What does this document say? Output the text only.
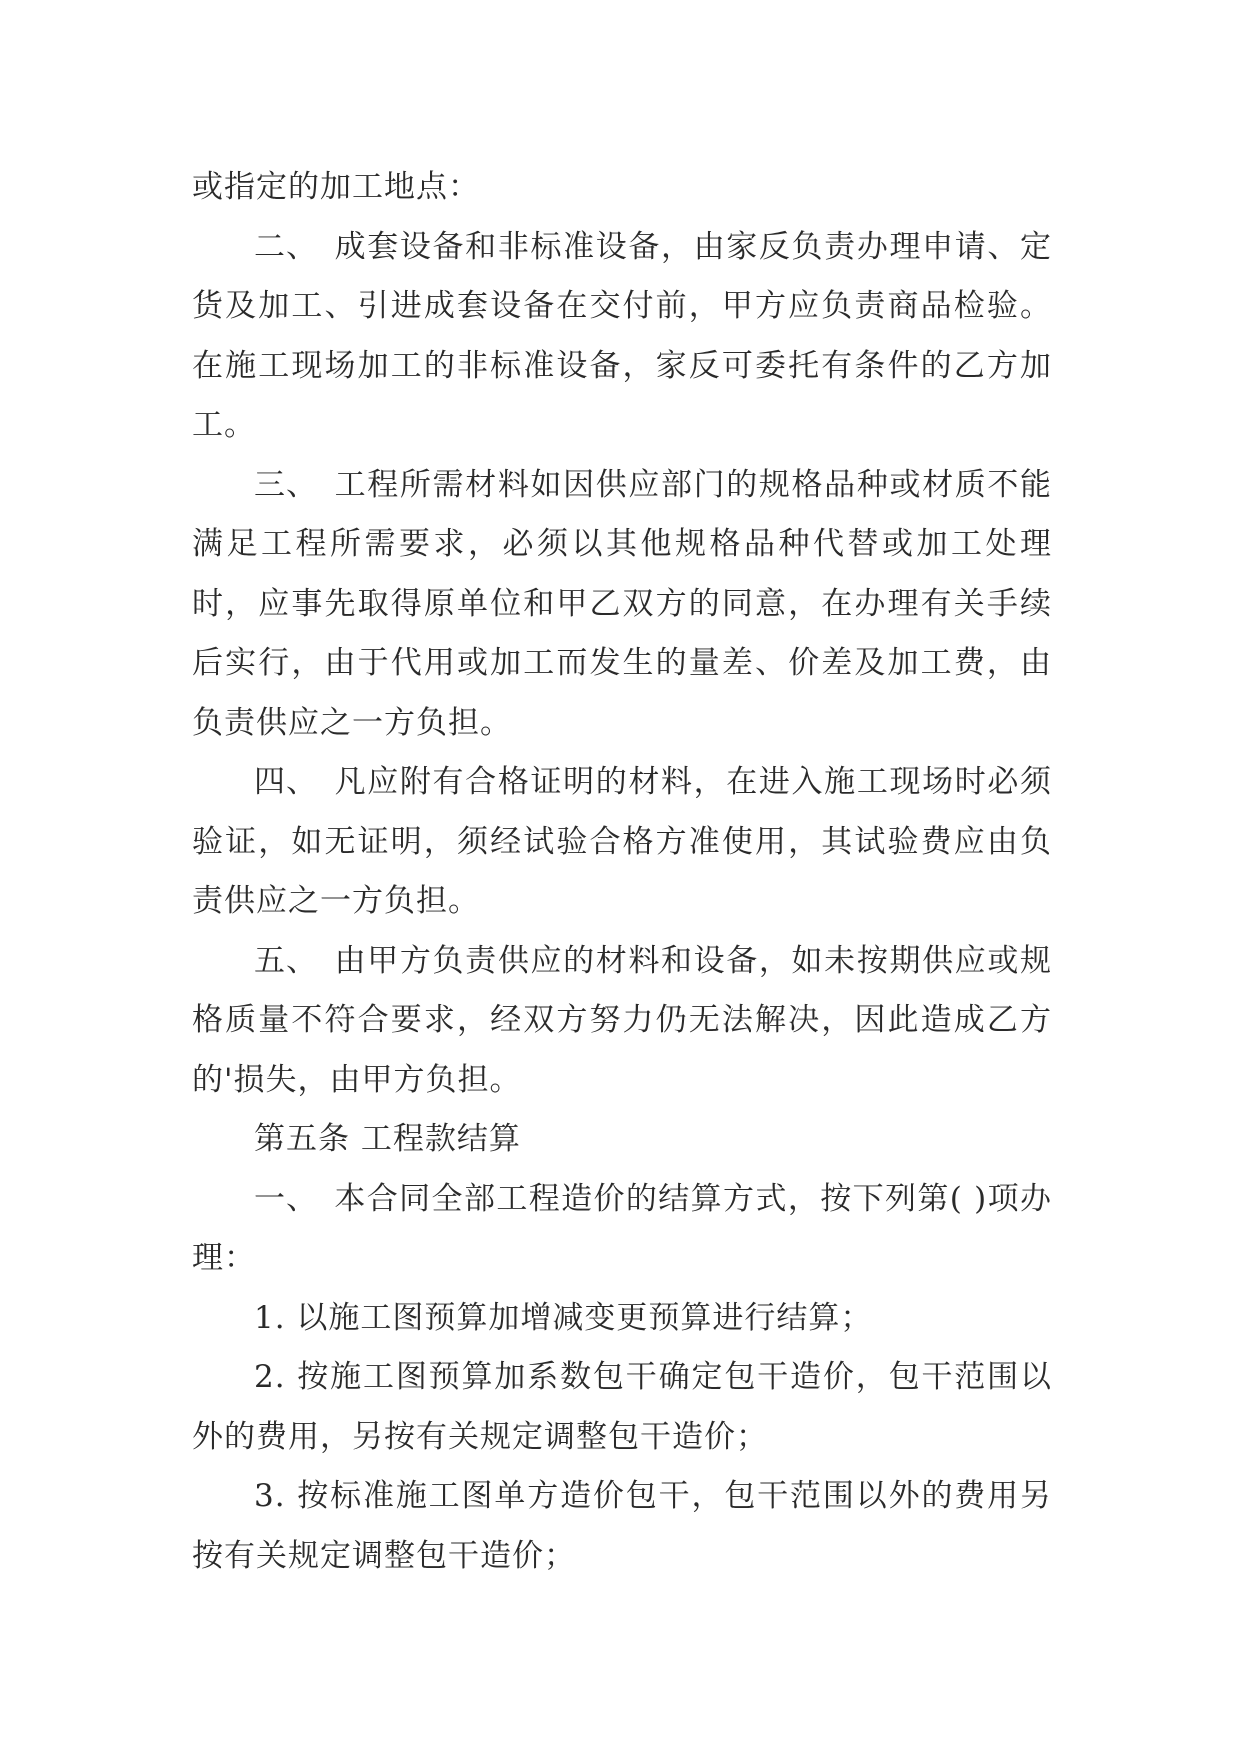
或指定的加工地点：

二、 成套设备和非标准设备，由家反负责办理申请、定货及加工、引进成套设备在交付前，甲方应负责商品检验。在施工现场加工的非标准设备，家反可委托有条件的乙方加工。

三、 工程所需材料如因供应部门的规格品种或材质不能满足工程所需要求，必须以其他规格品种代替或加工处理时，应事先取得原单位和甲乙双方的同意，在办理有关手续后实行，由于代用或加工而发生的量差、价差及加工费，由负责供应之一方负担。

四、 凡应附有合格证明的材料，在进入施工现场时必须验证，如无证明，须经试验合格方准使用，其试验费应由负责供应之一方负担。

五、 由甲方负责供应的材料和设备，如未按期供应或规格质量不符合要求，经双方努力仍无法解决，因此造成乙方的'损失，由甲方负担。

第五条 工程款结算

一、 本合同全部工程造价的结算方式，按下列第( )项办理：

1. 以施工图预算加增减变更预算进行结算；

2. 按施工图预算加系数包干确定包干造价，包干范围以外的费用，另按有关规定调整包干造价；

3. 按标准施工图单方造价包干，包干范围以外的费用另按有关规定调整包干造价；
